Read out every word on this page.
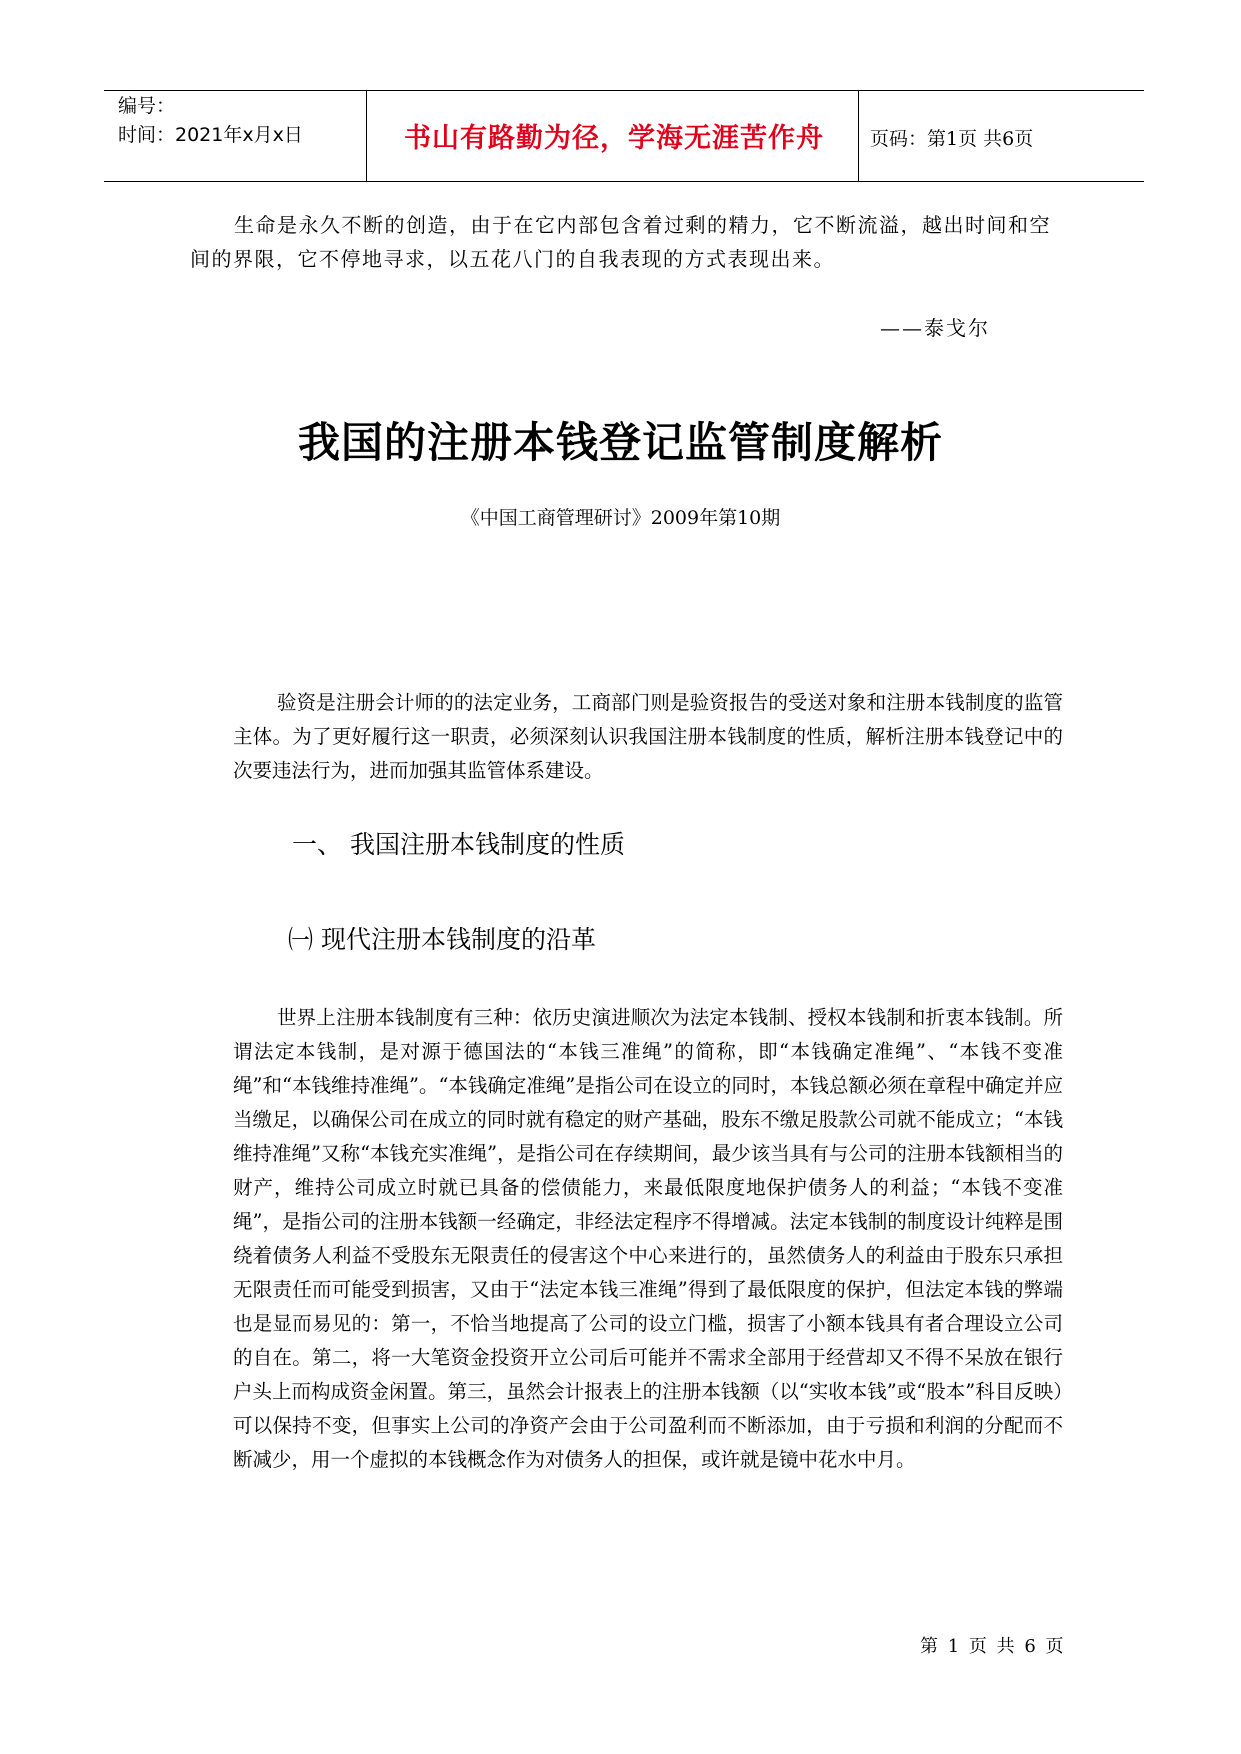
编号：
时间：2021年x月x日	书山有路勤为径，学海无涯苦作舟	页码：第1页 共6页
生命是永久不断的创造，由于在它内部包含着过剩的精力，它不断流溢，越出时间和空间的界限，它不停地寻求，以五花八门的自我表现的方式表现出来。
——泰戈尔
我国的注册本钱登记监管制度解析
《中国工商管理研讨》2009年第10期

验资是注册会计师的的法定业务，工商部门则是验资报告的受送对象和注册本钱制度的监管主体。为了更好履行这一职责，必须深刻认识我国注册本钱制度的性质，解析注册本钱登记中的次要违法行为，进而加强其监管体系建设。

一、 我国注册本钱制度的性质
㈠ 现代注册本钱制度的沿革

世界上注册本钱制度有三种：依历史演进顺次为法定本钱制、授权本钱制和折衷本钱制。所谓法定本钱制，是对源于德国法的“本钱三准绳”的简称，即“本钱确定准绳”、“本钱不变准绳”和“本钱维持准绳”。“本钱确定准绳”是指公司在设立的同时，本钱总额必须在章程中确定并应当缴足，以确保公司在成立的同时就有稳定的财产基础，股东不缴足股款公司就不能成立；“本钱维持准绳”又称“本钱充实准绳”，是指公司在存续期间，最少该当具有与公司的注册本钱额相当的财产，维持公司成立时就已具备的偿债能力，来最低限度地保护债务人的利益；“本钱不变准绳”，是指公司的注册本钱额一经确定，非经法定程序不得增减。法定本钱制的制度设计纯粹是围绕着债务人利益不受股东无限责任的侵害这个中心来进行的，虽然债务人的利益由于股东只承担无限责任而可能受到损害，又由于“法定本钱三准绳”得到了最低限度的保护，但法定本钱的弊端也是显而易见的：第一，不恰当地提高了公司的设立门槛，损害了小额本钱具有者合理设立公司的自在。第二，将一大笔资金投资开立公司后可能并不需求全部用于经营却又不得不呆放在银行户头上而构成资金闲置。第三，虽然会计报表上的注册本钱额（以“实收本钱”或“股本”科目反映）可以保持不变，但事实上公司的净资产会由于公司盈利而不断添加，由于亏损和利润的分配而不断减少，用一个虚拟的本钱概念作为对债务人的担保，或许就是镜中花水中月。

第 1 页 共 6 页
